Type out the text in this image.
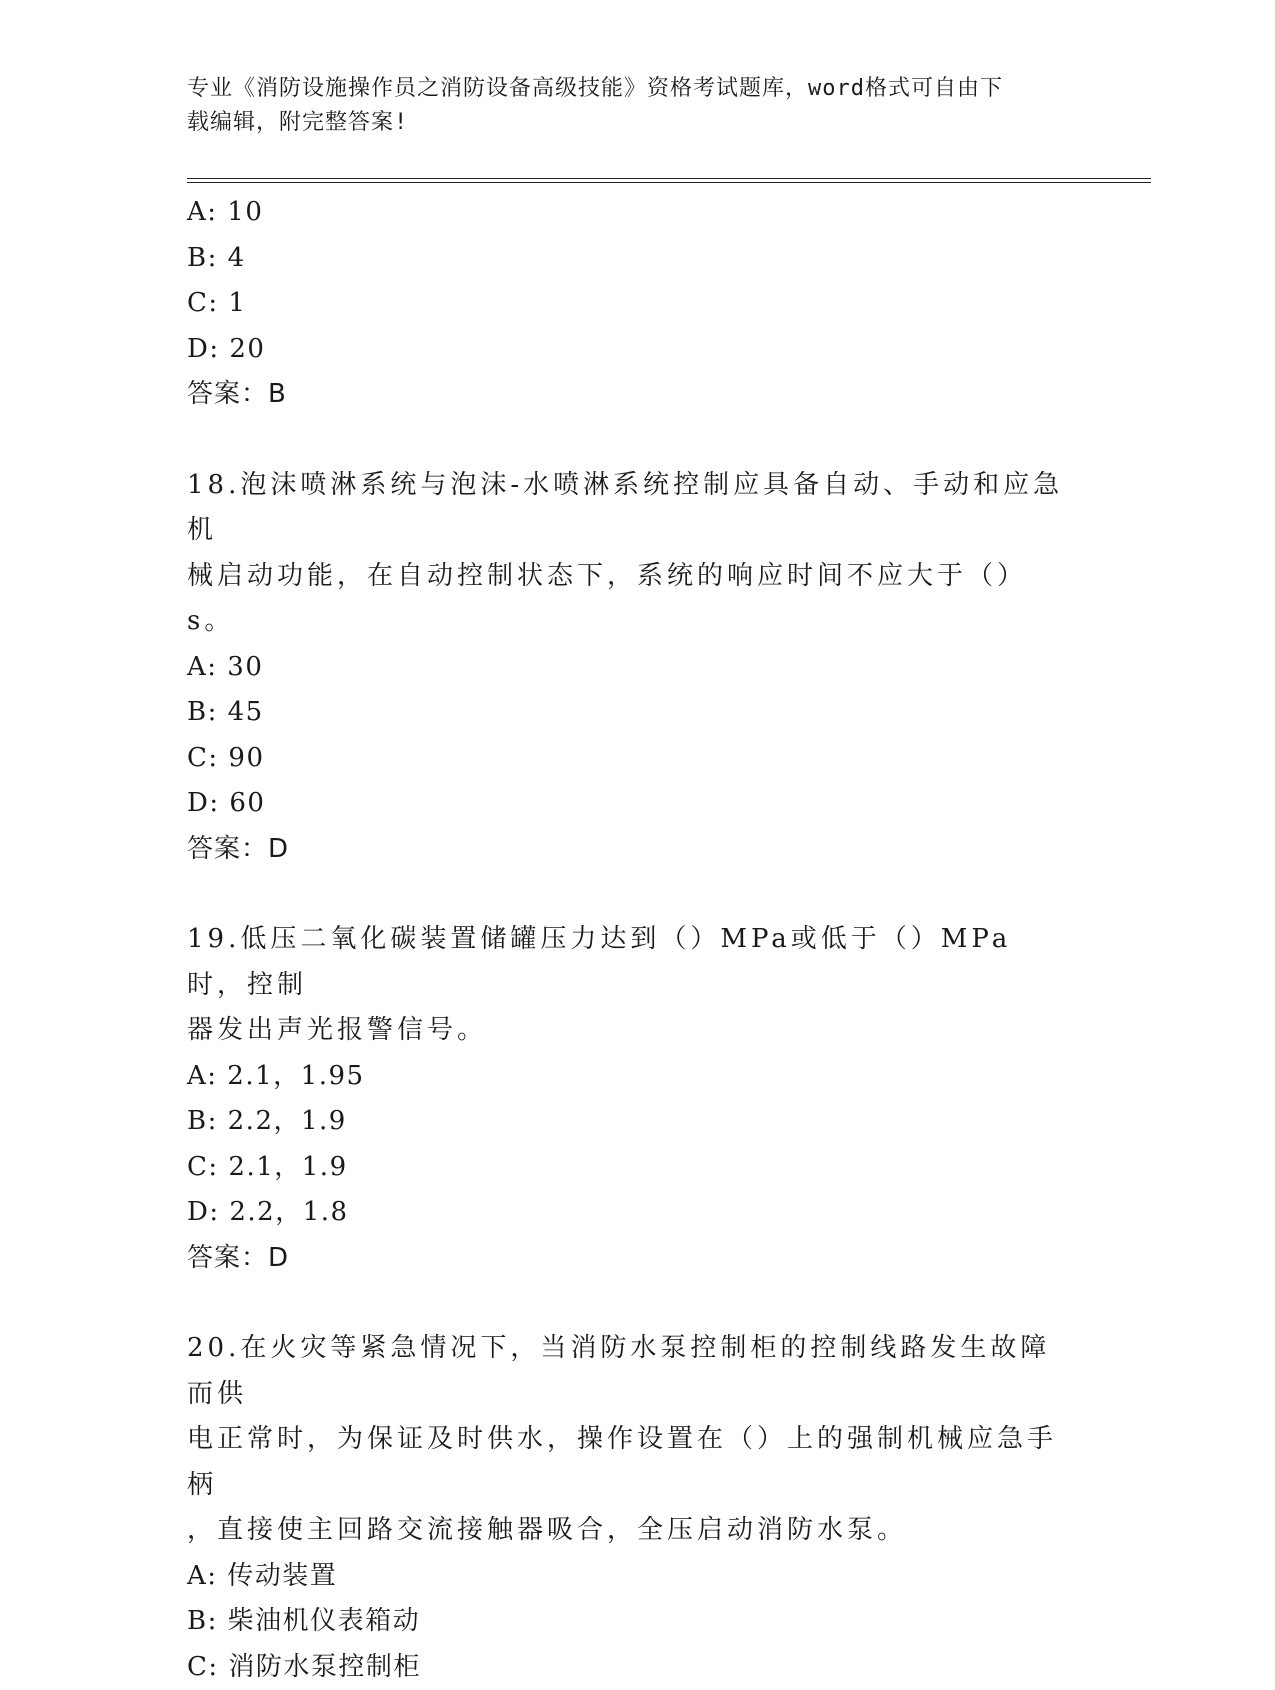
专业《消防设施操作员之消防设备高级技能》资格考试题库，word格式可自由下
载编辑，附完整答案!
A: 10
B: 4
C: 1
D: 20
答案：B
18.泡沫喷淋系统与泡沫-水喷淋系统控制应具备自动、手动和应急机
械启动功能，在自动控制状态下，系统的响应时间不应大于（）s。
A: 30
B: 45
C: 90
D: 60
答案：D
19.低压二氧化碳装置储罐压力达到（）MPa或低于（）MPa时，控制
器发出声光报警信号。
A: 2.1，1.95
B: 2.2，1.9
C: 2.1，1.9
D: 2.2，1.8
答案：D
20.在火灾等紧急情况下，当消防水泵控制柜的控制线路发生故障而供
电正常时，为保证及时供水，操作设置在（）上的强制机械应急手柄
，直接使主回路交流接触器吸合，全压启动消防水泵。
A: 传动装置
B: 柴油机仪表箱动
C: 消防水泵控制柜
